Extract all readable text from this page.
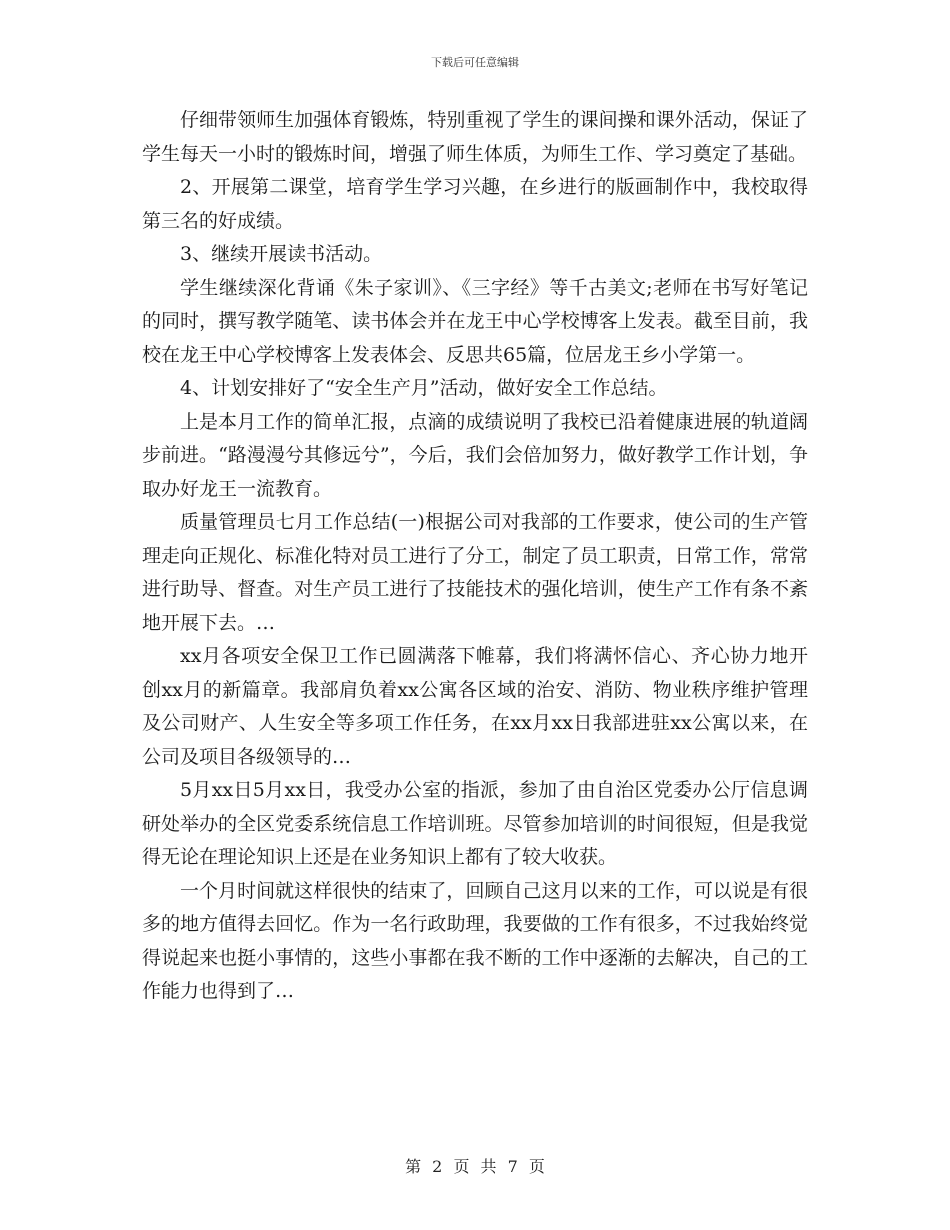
下载后可任意编辑

仔细带领师生加强体育锻炼，特别重视了学生的课间操和课外活动，保证了学生每天一小时的锻炼时间，增强了师生体质，为师生工作、学习奠定了基础。

2、开展第二课堂，培育学生学习兴趣，在乡进行的版画制作中，我校取得第三名的好成绩。

3、继续开展读书活动。

学生继续深化背诵《朱子家训》、《三字经》等千古美文;老师在书写好笔记的同时，撰写教学随笔、读书体会并在龙王中心学校博客上发表。截至目前，我校在龙王中心学校博客上发表体会、反思共65篇，位居龙王乡小学第一。

4、计划安排好了“安全生产月”活动，做好安全工作总结。

上是本月工作的简单汇报，点滴的成绩说明了我校已沿着健康进展的轨道阔步前进。“路漫漫兮其修远兮”，今后，我们会倍加努力，做好教学工作计划，争取办好龙王一流教育。

质量管理员七月工作总结(一)根据公司对我部的工作要求，使公司的生产管理走向正规化、标准化特对员工进行了分工，制定了员工职责，日常工作，常常进行助导、督查。对生产员工进行了技能技术的强化培训，使生产工作有条不紊地开展下去。…

xx月各项安全保卫工作已圆满落下帷幕，我们将满怀信心、齐心协力地开创xx月的新篇章。我部肩负着xx公寓各区域的治安、消防、物业秩序维护管理及公司财产、人生安全等多项工作任务，在xx月xx日我部进驻xx公寓以来，在公司及项目各级领导的…

5月xx日5月xx日，我受办公室的指派，参加了由自治区党委办公厅信息调研处举办的全区党委系统信息工作培训班。尽管参加培训的时间很短，但是我觉得无论在理论知识上还是在业务知识上都有了较大收获。

一个月时间就这样很快的结束了，回顾自己这月以来的工作，可以说是有很多的地方值得去回忆。作为一名行政助理，我要做的工作有很多，不过我始终觉得说起来也挺小事情的，这些小事都在我不断的工作中逐渐的去解决，自己的工作能力也得到了…

第 2 页 共 7 页
